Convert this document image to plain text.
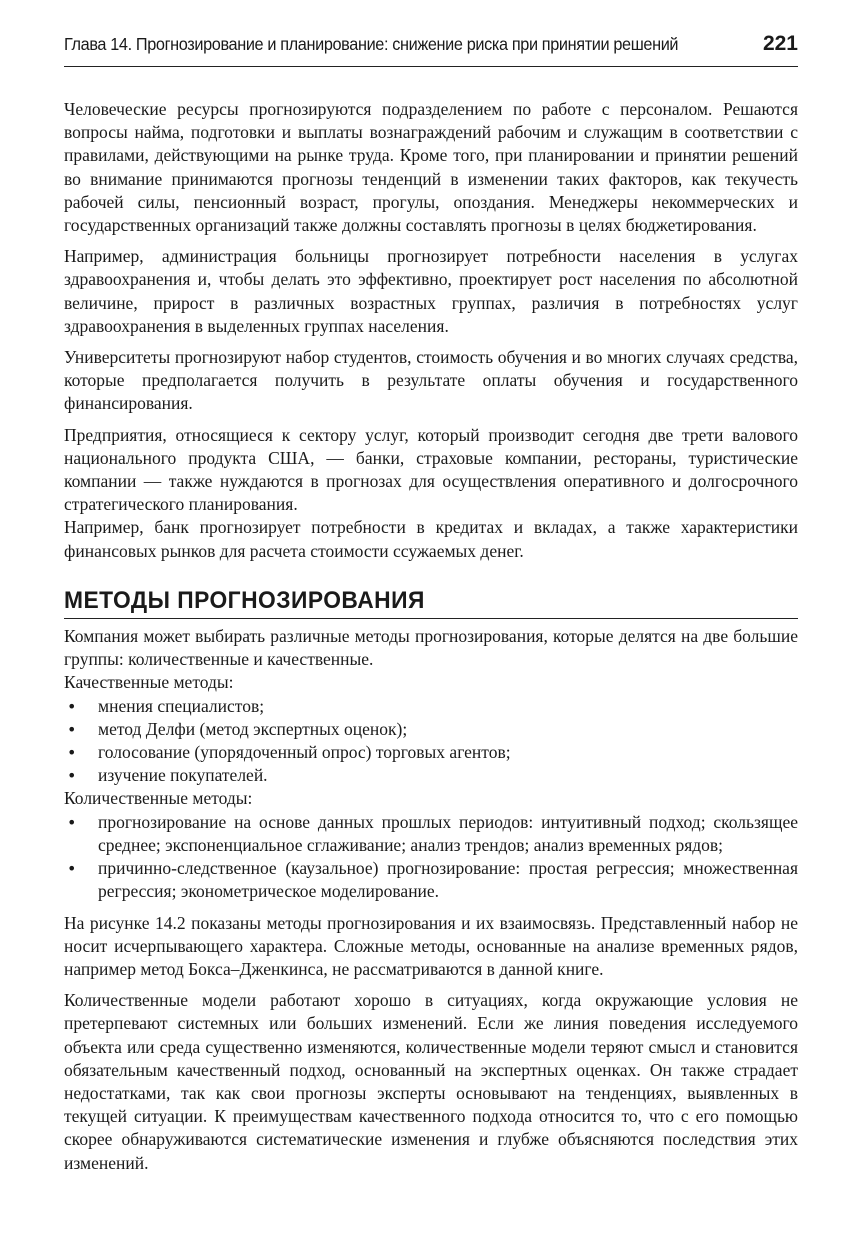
Глава 14. Прогнозирование и планирование: снижение риска при принятии решений	221

Человеческие ресурсы прогнозируются подразделением по работе с персоналом. Решаются вопросы найма, подготовки и выплаты вознаграждений рабочим и служащим в соответствии с правилами, действующими на рынке труда. Кроме того, при планировании и принятии решений во внимание принимаются прогнозы тенденций в изменении таких факторов, как текучесть рабочей силы, пенсионный возраст, прогулы, опоздания. Менеджеры некоммерческих и государственных организаций также должны составлять прогнозы в целях бюджетирования.

Например, администрация больницы прогнозирует потребности населения в услугах здравоохранения и, чтобы делать это эффективно, проектирует рост населения по абсолютной величине, прирост в различных возрастных группах, различия в потребностях услуг здравоохранения в выделенных группах населения.

Университеты прогнозируют набор студентов, стоимость обучения и во многих случаях средства, которые предполагается получить в результате оплаты обучения и государственного финансирования.

Предприятия, относящиеся к сектору услуг, который производит сегодня две трети валового национального продукта США, — банки, страховые компании, рестораны, туристические компании — также нуждаются в прогнозах для осуществления оперативного и долгосрочного стратегического планирования.

Например, банк прогнозирует потребности в кредитах и вкладах, а также характеристики финансовых рынков для расчета стоимости ссужаемых денег.

МЕТОДЫ ПРОГНОЗИРОВАНИЯ

Компания может выбирать различные методы прогнозирования, которые делятся на две большие группы: количественные и качественные.

Качественные методы:

• мнения специалистов;
• метод Делфи (метод экспертных оценок);
• голосование (упорядоченный опрос) торговых агентов;
• изучение покупателей.

Количественные методы:

• прогнозирование на основе данных прошлых периодов: интуитивный подход; скользящее среднее; экспоненциальное сглаживание; анализ трендов; анализ временных рядов;
• причинно-следственное (каузальное) прогнозирование: простая регрессия; множественная регрессия; эконометрическое моделирование.

На рисунке 14.2 показаны методы прогнозирования и их взаимосвязь. Представленный набор не носит исчерпывающего характера. Сложные методы, основанные на анализе временных рядов, например метод Бокса–Дженкинса, не рассматриваются в данной книге.

Количественные модели работают хорошо в ситуациях, когда окружающие условия не претерпевают системных или больших изменений. Если же линия поведения исследуемого объекта или среда существенно изменяются, количественные модели теряют смысл и становится обязательным качественный подход, основанный на экспертных оценках. Он также страдает недостатками, так как свои прогнозы эксперты основывают на тенденциях, выявленных в текущей ситуации. К преимуществам качественного подхода относится то, что с его помощью скорее обнаруживаются систематические изменения и глубже объясняются последствия этих изменений.
